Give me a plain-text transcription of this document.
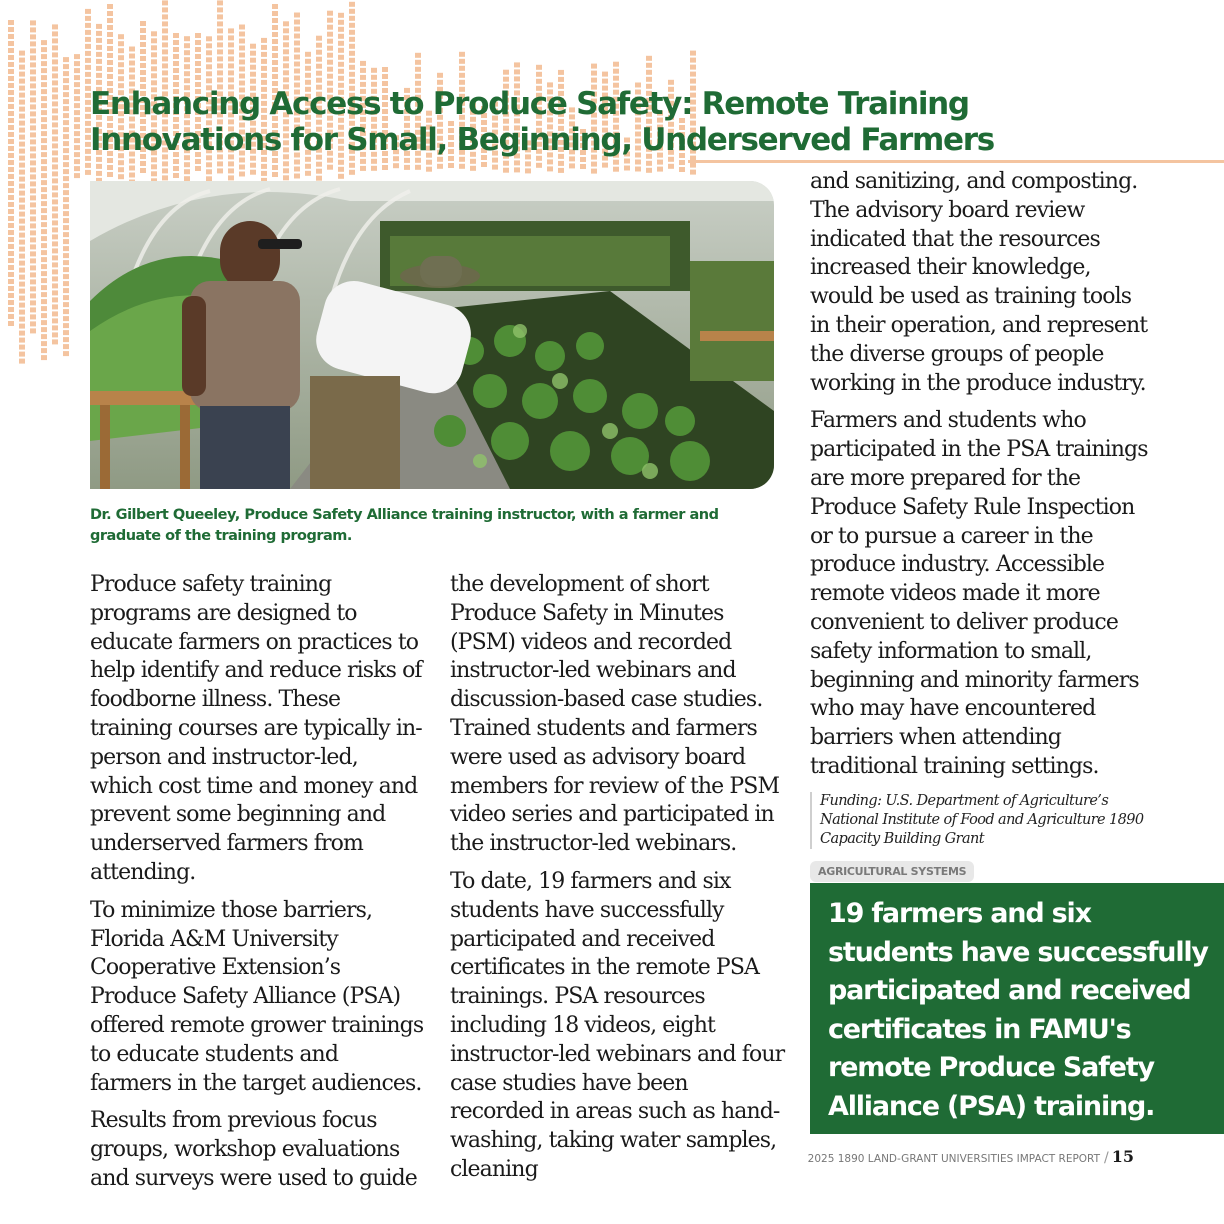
Enhancing Access to Produce Safety: Remote Training Innovations for Small, Beginning, Underserved Farmers

Dr. Gilbert Queeley, Produce Safety Alliance training instructor, with a farmer and graduate of the training program.

Produce safety training programs are designed to educate farmers on practices to help identify and reduce risks of foodborne illness. These training courses are typically in-person and instructor-led, which cost time and money and prevent some beginning and underserved farmers from attending.

To minimize those barriers, Florida A&M University Cooperative Extension’s Produce Safety Alliance (PSA) offered remote grower trainings to educate students and farmers in the target audiences.

Results from previous focus groups, workshop evaluations and surveys were used to guide

the development of short Produce Safety in Minutes (PSM) videos and recorded instructor-led webinars and discussion-based case studies. Trained students and farmers were used as advisory board members for review of the PSM video series and participated in the instructor-led webinars.

To date, 19 farmers and six students have successfully participated and received certificates in the remote PSA trainings. PSA resources including 18 videos, eight instructor-led webinars and four case studies have been recorded in areas such as hand-washing, taking water samples, cleaning

and sanitizing, and composting. The advisory board review indicated that the resources increased their knowledge, would be used as training tools in their operation, and represent the diverse groups of people working in the produce industry.

Farmers and students who participated in the PSA trainings are more prepared for the Produce Safety Rule Inspection or to pursue a career in the produce industry. Accessible remote videos made it more convenient to deliver produce safety information to small, beginning and minority farmers who may have encountered barriers when attending traditional training settings.

Funding: U.S. Department of Agriculture’s National Institute of Food and Agriculture 1890 Capacity Building Grant
AGRICULTURAL SYSTEMS
19 farmers and six students have successfully participated and received certificates in FAMU's remote Produce Safety Alliance (PSA) training.
2025 1890 LAND-GRANT UNIVERSITIES IMPACT REPORT / 15
